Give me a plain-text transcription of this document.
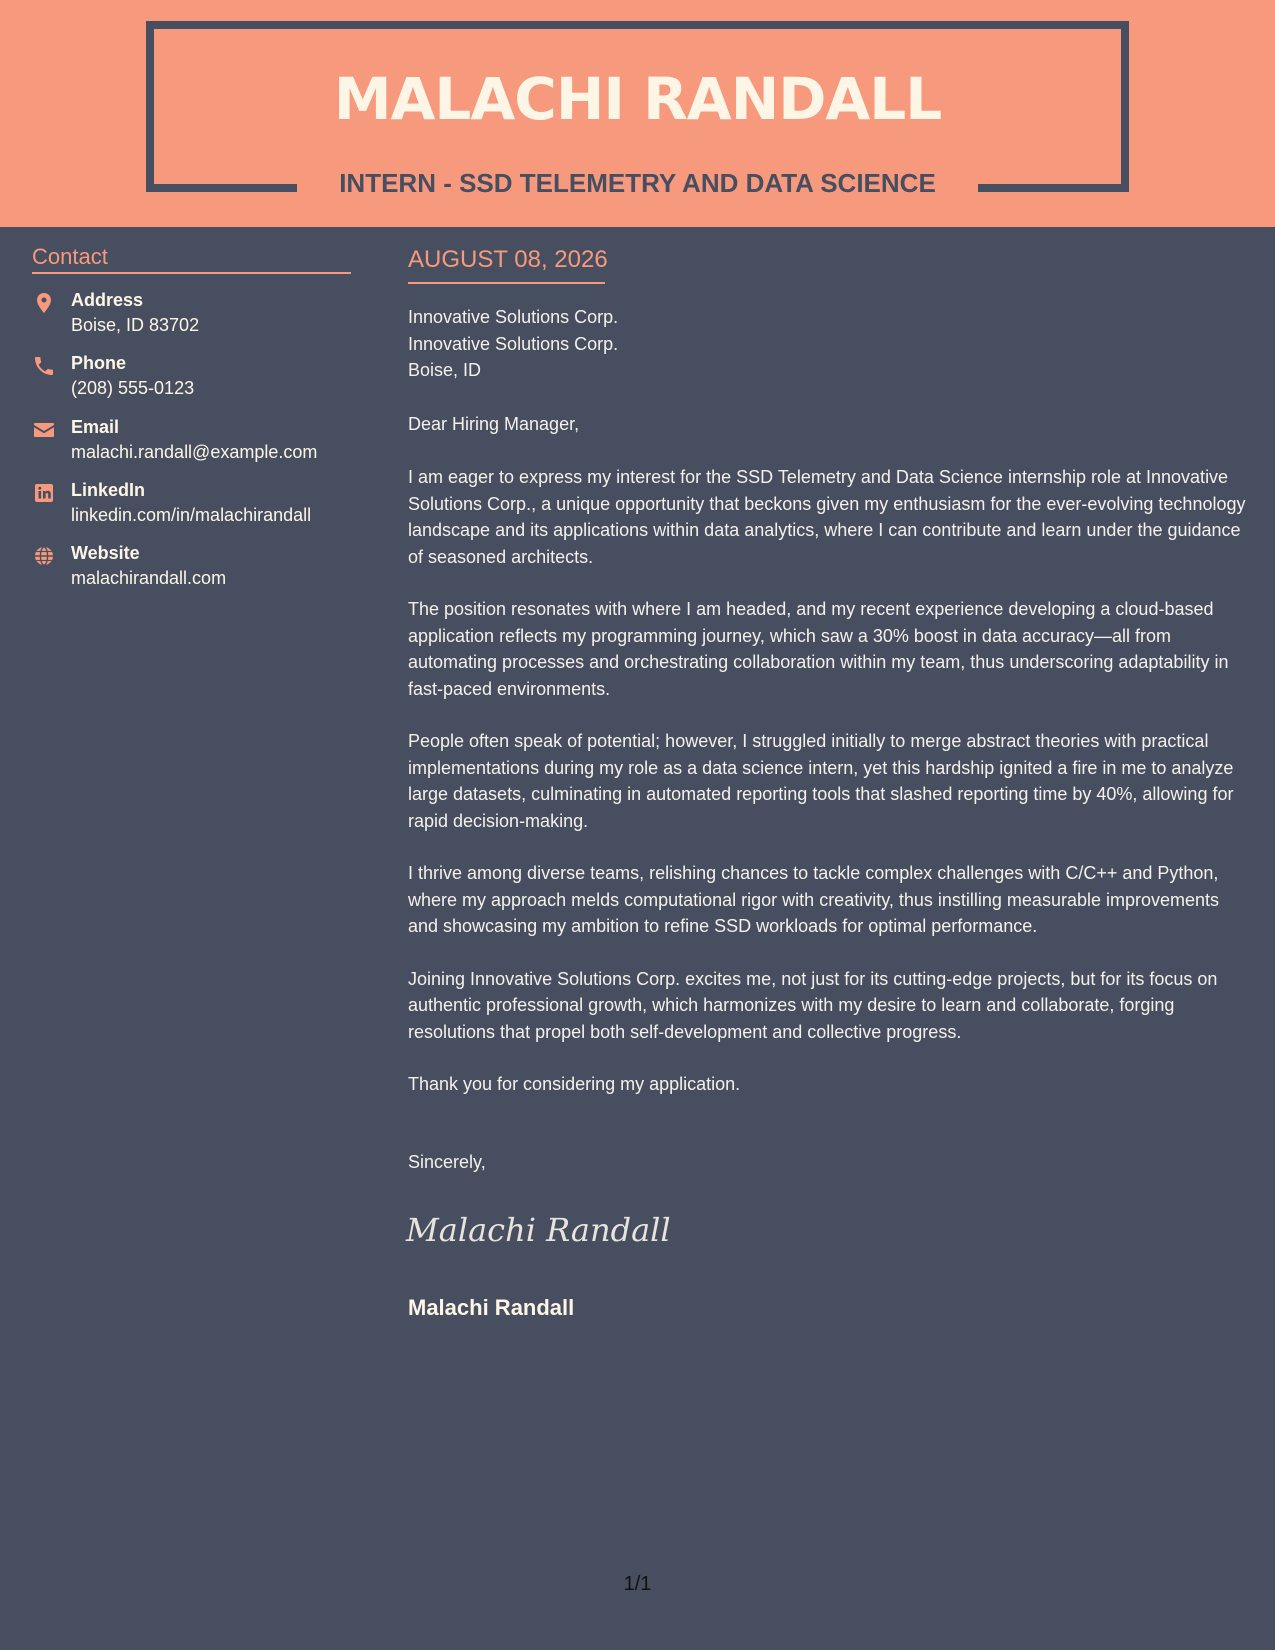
MALACHI RANDALL
INTERN - SSD TELEMETRY AND DATA SCIENCE
Contact
Address
Boise, ID 83702
Phone
(208) 555-0123
Email
malachi.randall@example.com
LinkedIn
linkedin.com/in/malachirandall
Website
malachirandall.com
AUGUST 08, 2026
Innovative Solutions Corp.
Innovative Solutions Corp.
Boise, ID
Dear Hiring Manager,

I am eager to express my interest for the SSD Telemetry and Data Science internship role at Innovative Solutions Corp., a unique opportunity that beckons given my enthusiasm for the ever-evolving technology landscape and its applications within data analytics, where I can contribute and learn under the guidance of seasoned architects.

The position resonates with where I am headed, and my recent experience developing a cloud-based application reflects my programming journey, which saw a 30% boost in data accuracy—all from automating processes and orchestrating collaboration within my team, thus underscoring adaptability in fast-paced environments.

People often speak of potential; however, I struggled initially to merge abstract theories with practical implementations during my role as a data science intern, yet this hardship ignited a fire in me to analyze large datasets, culminating in automated reporting tools that slashed reporting time by 40%, allowing for rapid decision-making.

I thrive among diverse teams, relishing chances to tackle complex challenges with C/C++ and Python, where my approach melds computational rigor with creativity, thus instilling measurable improvements and showcasing my ambition to refine SSD workloads for optimal performance.

Joining Innovative Solutions Corp. excites me, not just for its cutting-edge projects, but for its focus on authentic professional growth, which harmonizes with my desire to learn and collaborate, forging resolutions that propel both self-development and collective progress.

Thank you for considering my application.

Sincerely,
Malachi Randall
Malachi Randall
1/1
